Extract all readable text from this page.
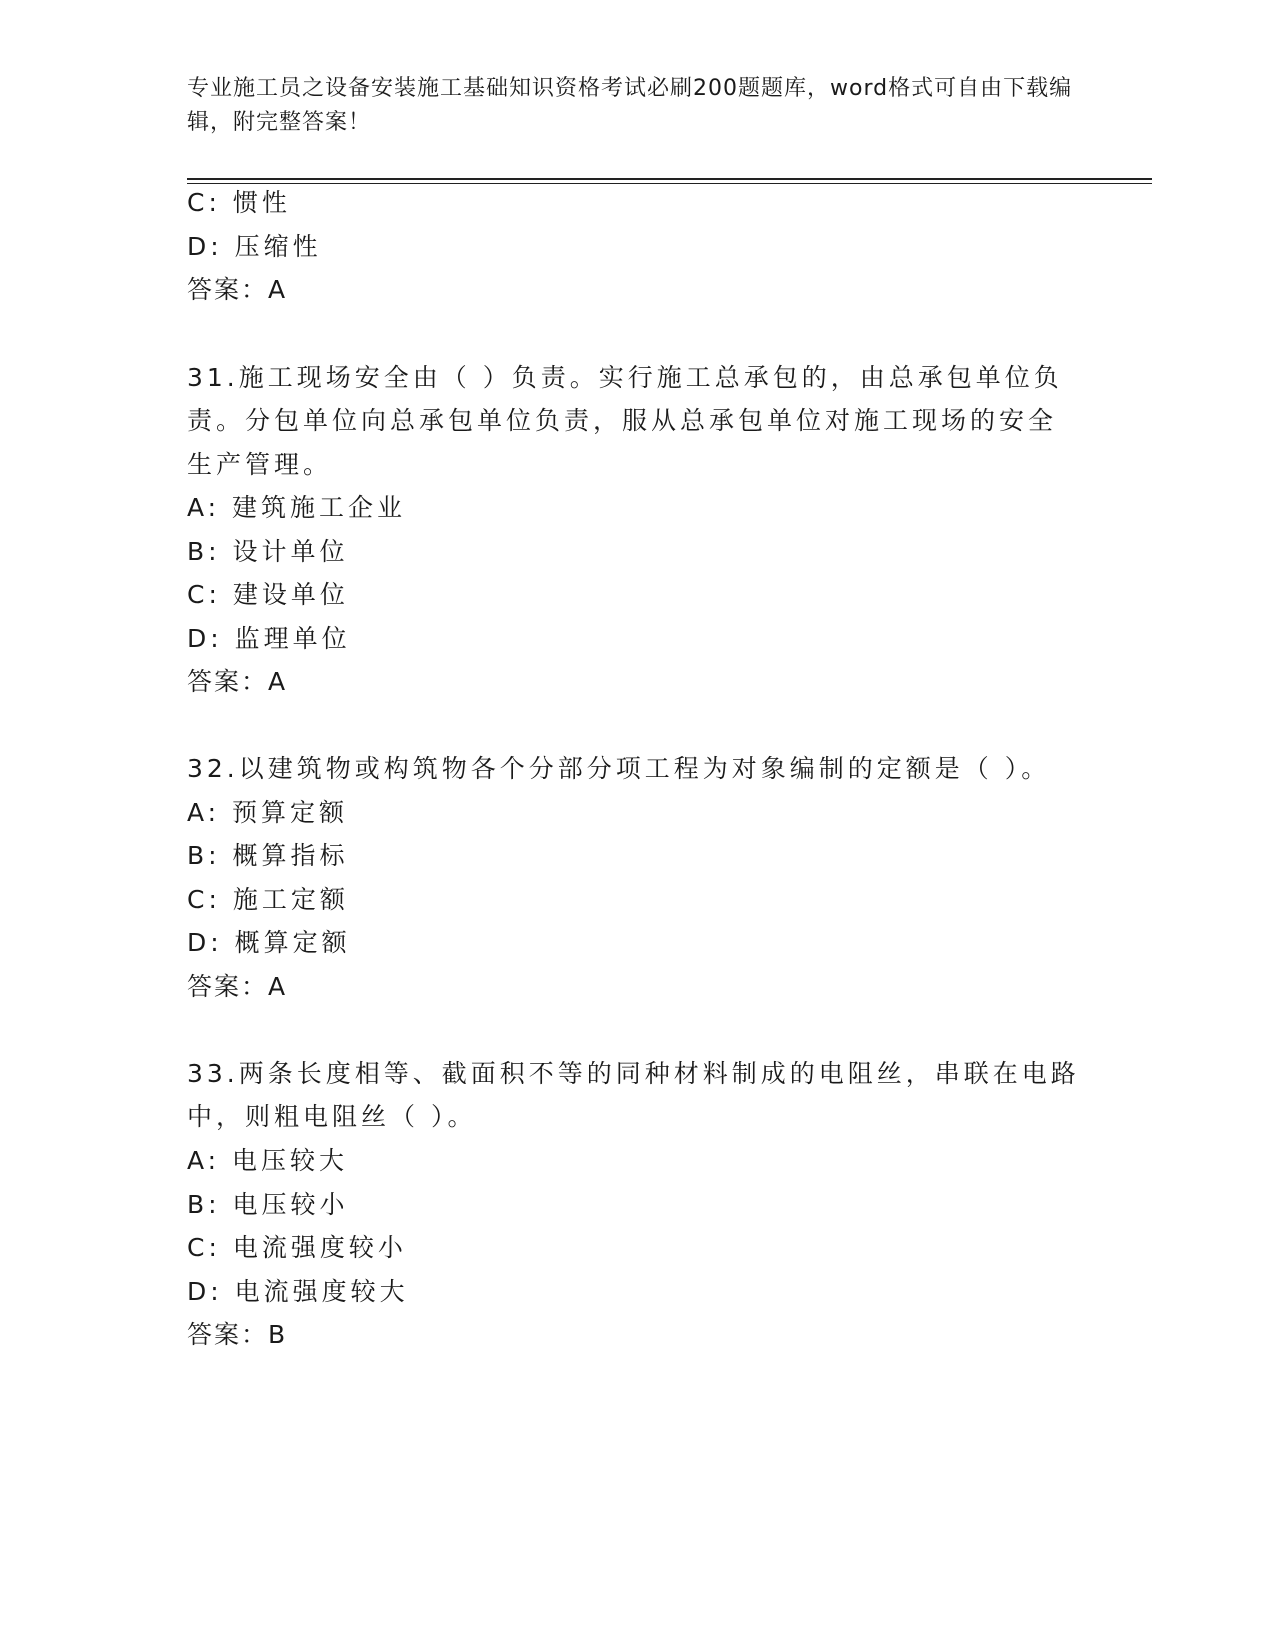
专业施工员之设备安装施工基础知识资格考试必刷200题题库，word格式可自由下载编辑，附完整答案！
C: 惯性
D: 压缩性
答案：A
31.施工现场安全由（ ）负责。实行施工总承包的，由总承包单位负
责。分包单位向总承包单位负责，服从总承包单位对施工现场的安全
生产管理。
A: 建筑施工企业
B: 设计单位
C: 建设单位
D: 监理单位
答案：A
32.以建筑物或构筑物各个分部分项工程为对象编制的定额是（ ）。
A: 预算定额
B: 概算指标
C: 施工定额
D: 概算定额
答案：A
33.两条长度相等、截面积不等的同种材料制成的电阻丝，串联在电路
中，则粗电阻丝（ ）。
A: 电压较大
B: 电压较小
C: 电流强度较小
D: 电流强度较大
答案：B
